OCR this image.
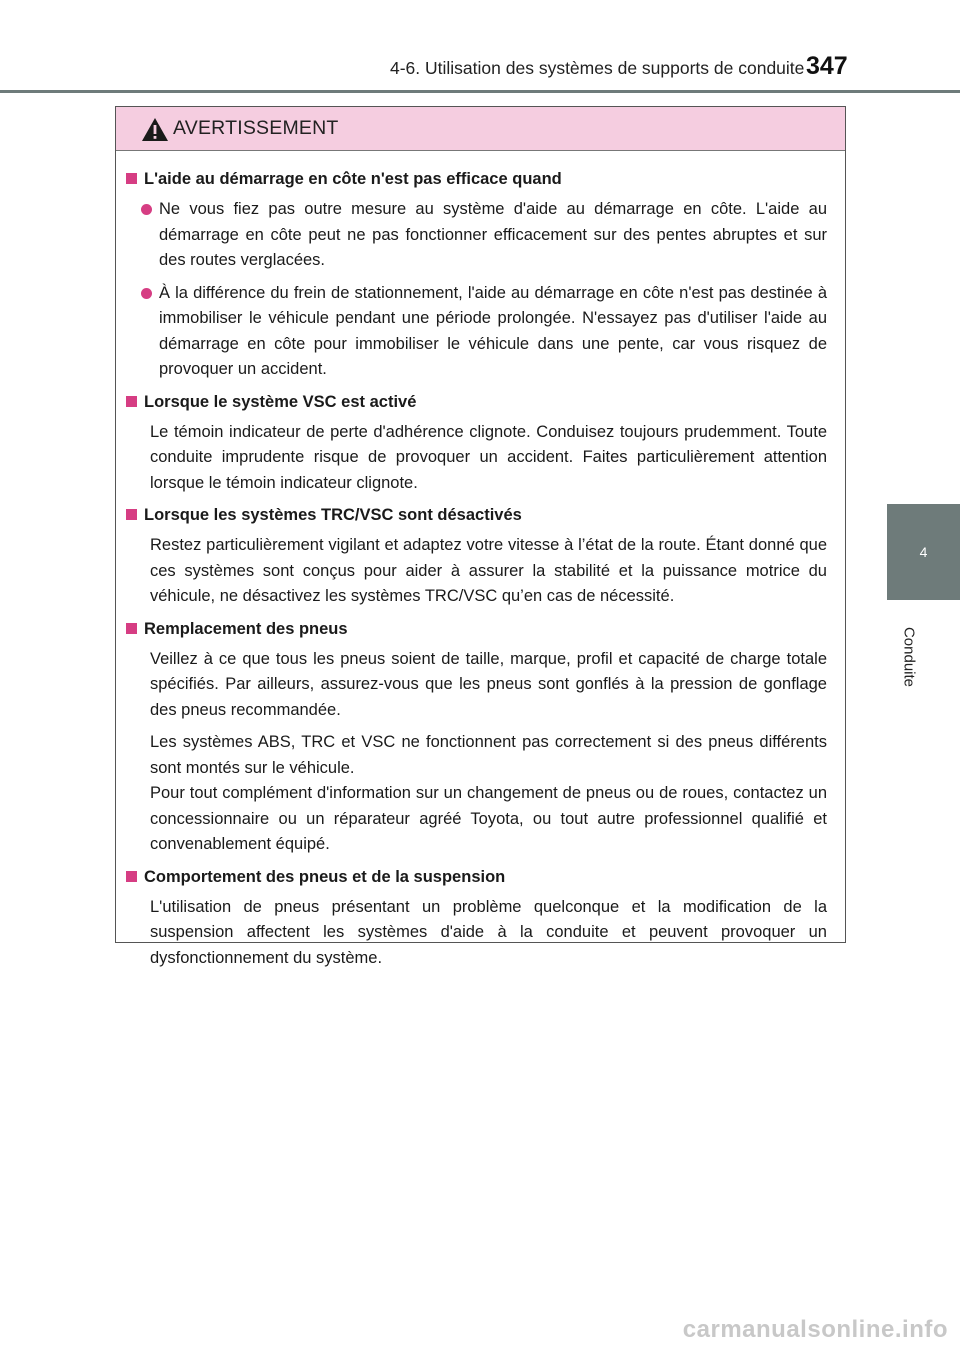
4-6. Utilisation des systèmes de supports de conduite 347
4
Conduite
AVERTISSEMENT
L'aide au démarrage en côte n'est pas efficace quand
Ne vous fiez pas outre mesure au système d'aide au démarrage en côte. L'aide au démarrage en côte peut ne pas fonctionner efficacement sur des pentes abruptes et sur des routes verglacées.
À la différence du frein de stationnement, l'aide au démarrage en côte n'est pas destinée à immobiliser le véhicule pendant une période prolongée. N'essayez pas d'utiliser l'aide au démarrage en côte pour immobiliser le véhicule dans une pente, car vous risquez de provoquer un accident.
Lorsque le système VSC est activé
Le témoin indicateur de perte d'adhérence clignote. Conduisez toujours prudemment. Toute conduite imprudente risque de provoquer un accident. Faites particulièrement attention lorsque le témoin indicateur clignote.
Lorsque les systèmes TRC/VSC sont désactivés
Restez particulièrement vigilant et adaptez votre vitesse à l’état de la route. Étant donné que ces systèmes sont conçus pour aider à assurer la stabilité et la puissance motrice du véhicule, ne désactivez les systèmes TRC/VSC qu’en cas de nécessité.
Remplacement des pneus
Veillez à ce que tous les pneus soient de taille, marque, profil et capacité de charge totale spécifiés. Par ailleurs, assurez-vous que les pneus sont gonflés à la pression de gonflage des pneus recommandée.
Les systèmes ABS, TRC et VSC ne fonctionnent pas correctement si des pneus différents sont montés sur le véhicule.
Pour tout complément d'information sur un changement de pneus ou de roues, contactez un concessionnaire ou un réparateur agréé Toyota, ou tout autre professionnel qualifié et convenablement équipé.
Comportement des pneus et de la suspension
L'utilisation de pneus présentant un problème quelconque et la modification de la suspension affectent les systèmes d'aide à la conduite et peuvent provoquer un dysfonctionnement du système.
carmanualsonline.info
